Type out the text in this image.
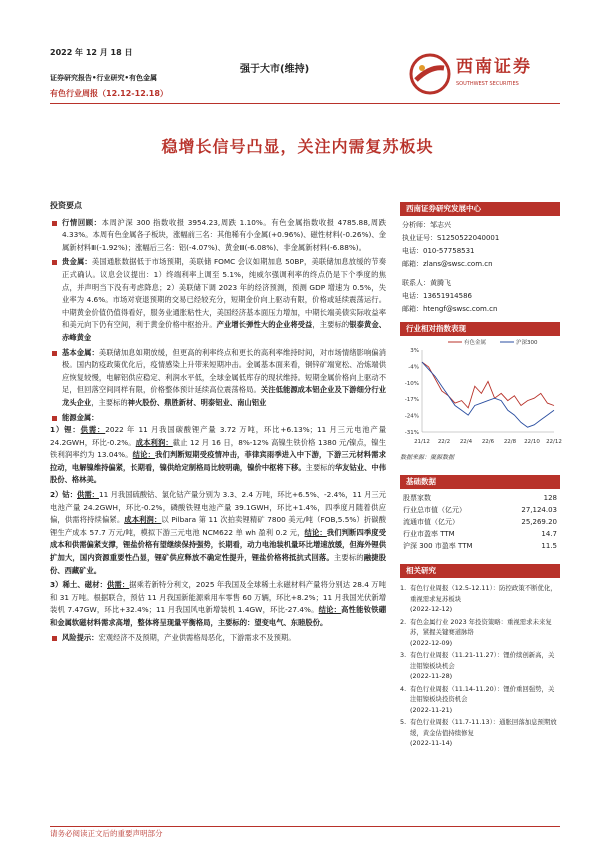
2022 年 12 月 18 日
证券研究报告•行业研究•有色金属
有色行业周报（12.12-12.18）
强于大市(维持)	西南证券
SOUTHWEST SECURITIES
稳增长信号凸显，关注内需复苏板块
投资要点
行情回顾：本周沪深 300 指数收报 3954.23,周跌 1.10%。有色金属指数收报 4785.88,周跌 4.33%。本周有色金属各子板块，涨幅前三名：其他稀有小金属(+0.96%)、磁性材料(-0.26%)、金属新材料Ⅲ(-1.92%)；涨幅后三名：铝(-4.07%)、黄金Ⅲ(-6.08%)、非金属新材料(-6.88%)。
贵金属：美国通胀数据低于市场预期，美联储 FOMC 会议如期加息 50BP，美联储加息放缓的节奏正式确认。议息会议提出：1）终端利率上调至 5.1%，纯威尔强调利率的终点仍是下个季度的焦点，并声明当下没有考虑降息；2）美联储下调 2023 年的经济预测，预测 GDP 增速为 0.5%，失业率为 4.6%。市场对衰退预期的交易已经较充分，短期金价向上驱动有限，价格或延续震荡运行。中期黄金价值仍值得看好，服务业通胀粘性大，美国经济基本面压力增加，中期长端美债实际收益率和美元向下仍有空间，利于黄金价格中枢抬升。产业增长弹性大的企业将受益，主要标的银泰黄金、赤峰黄金
基本金属：美联储加息如期放缓，但更高的利率终点和更长的高利率维持时间，对市场情绪影响偏消极。国内防疫政策优化后，疫情感染上升带来短期冲击。金属基本面来看，铜锌矿端宽松、冶炼端供应恢复较慢，电解铝供应稳定、利润水平低，全球金属低库存的现状维持。短期金属价格向上驱动不足，但回落空间同样有限，价格整体预计延续高位震荡格局。关注低能源成本铝企业及下游细分行业龙头企业，主要标的神火股份、鼎胜新材、明泰铝业、南山铝业
能源金属：
1）锂：供需：2022 年 11 月我国碳酸锂产量 3.72 万吨，环比+6.13%；11 月三元电池产量 24.2GWH，环比-0.2%。成本利润：截止 12 月 16 日，8%-12% 高镍生铁价格 1380 元/镍点，镍生铁利润率约为 13.04%。结论：我们判断短期受疫情冲击，菲律宾雨季进入中下游，下游三元材料需求拉动，电解镍维持偏紧，长期看，镍供给定制格局比较明确，镍价中枢将下移。主要标的华友钴业、中伟股份、格林美。
2）钴：供需：11 月我国硫酸钴、氯化钴产量分别为 3.3、2.4 万吨，环比+6.5%、-2.4%，11 月三元电池产量 24.2GWH，环比-0.2%，磷酸铁锂电池产量 39.1GWH，环比+1.4%，四季度月随着供应偏，供需将持续偏紧。成本利润：以 Pilbara 第 11 次拍卖锂精矿 7800 美元/吨（FOB,5.5%）折碳酸锂生产成本 57.7 万元/吨，模拟下游三元电池 NCM622 单 wh 盈利 0.2 元，结论：我们判断四季度受成本和供需偏紧支撑，锂盐价格有望继续保持强势，长期看，动力电池装机量环比增速放缓，但海外锂供扩加大，国内资源重要性凸显，锂矿供应释放不确定性提升，锂盐价格将抵抗式回落。主要标的融捷股份、西藏矿业。
3）稀土、磁材：供需：据乘若新特分利文，2025 年我国及全球稀土永磁材料产量将分别达 28.4 万吨和 31 万吨。根据联合，预估 11 月我国新能源乘用车零售 60 万辆，环比+8.2%；11 月我国光伏新增装机 7.47GW，环比+32.4%；11 月我国风电新增装机 1.4GW，环比-27.4%。结论：高性能钕铁硼和金属软磁材料需求高增，整体将呈现量平衡格局，主要标的：望变电气、东睦股份。
风险提示：宏观经济不及预期，产业供需格局恶化，下游需求不及预期。
西南证券研究发展中心
分析师：邹志兴
执业证号：S1250522040001
电话：010-57758531
邮箱：zlans@swsc.com.cn
联系人：黄腾飞
电话：13651914586
邮箱：htengf@swsc.com.cn
行业相对指数表现
3%
-4%
-10%
-17%
-24%
-31%
21/12 22/2 22/4 22/6 22/8 22/10 22/12
有色金属	沪深300
数据来源：聚源数据
基础数据
股票家数	128
行业总市值（亿元）	27,124.03
流通市值（亿元）	25,269.20
行业市盈率 TTM	14.7
沪深 300 市盈率 TTM	11.5
相关研究
1. 有色行业周报（12.5-12.11）：防控政策不断优化，重视需求复苏板块
(2022-12-12)
2. 有色金属行业 2023 年投资策略：重视需求未来复苏，紧握关键赛道脉络
(2022-12-09)
3. 有色行业周报（11.21-11.27）：锂价续创新高，关注钼镍板块机会
(2022-11-28)
4. 有色行业周报（11.14-11.20）：锂价重回强势，关注钼镍板块投资机会
(2022-11-21)
5. 有色行业周报（11.7-11.13）：通胀回落加息预期放缓，黄金估值持续修复
(2022-11-14)
请务必阅读正文后的重要声明部分
